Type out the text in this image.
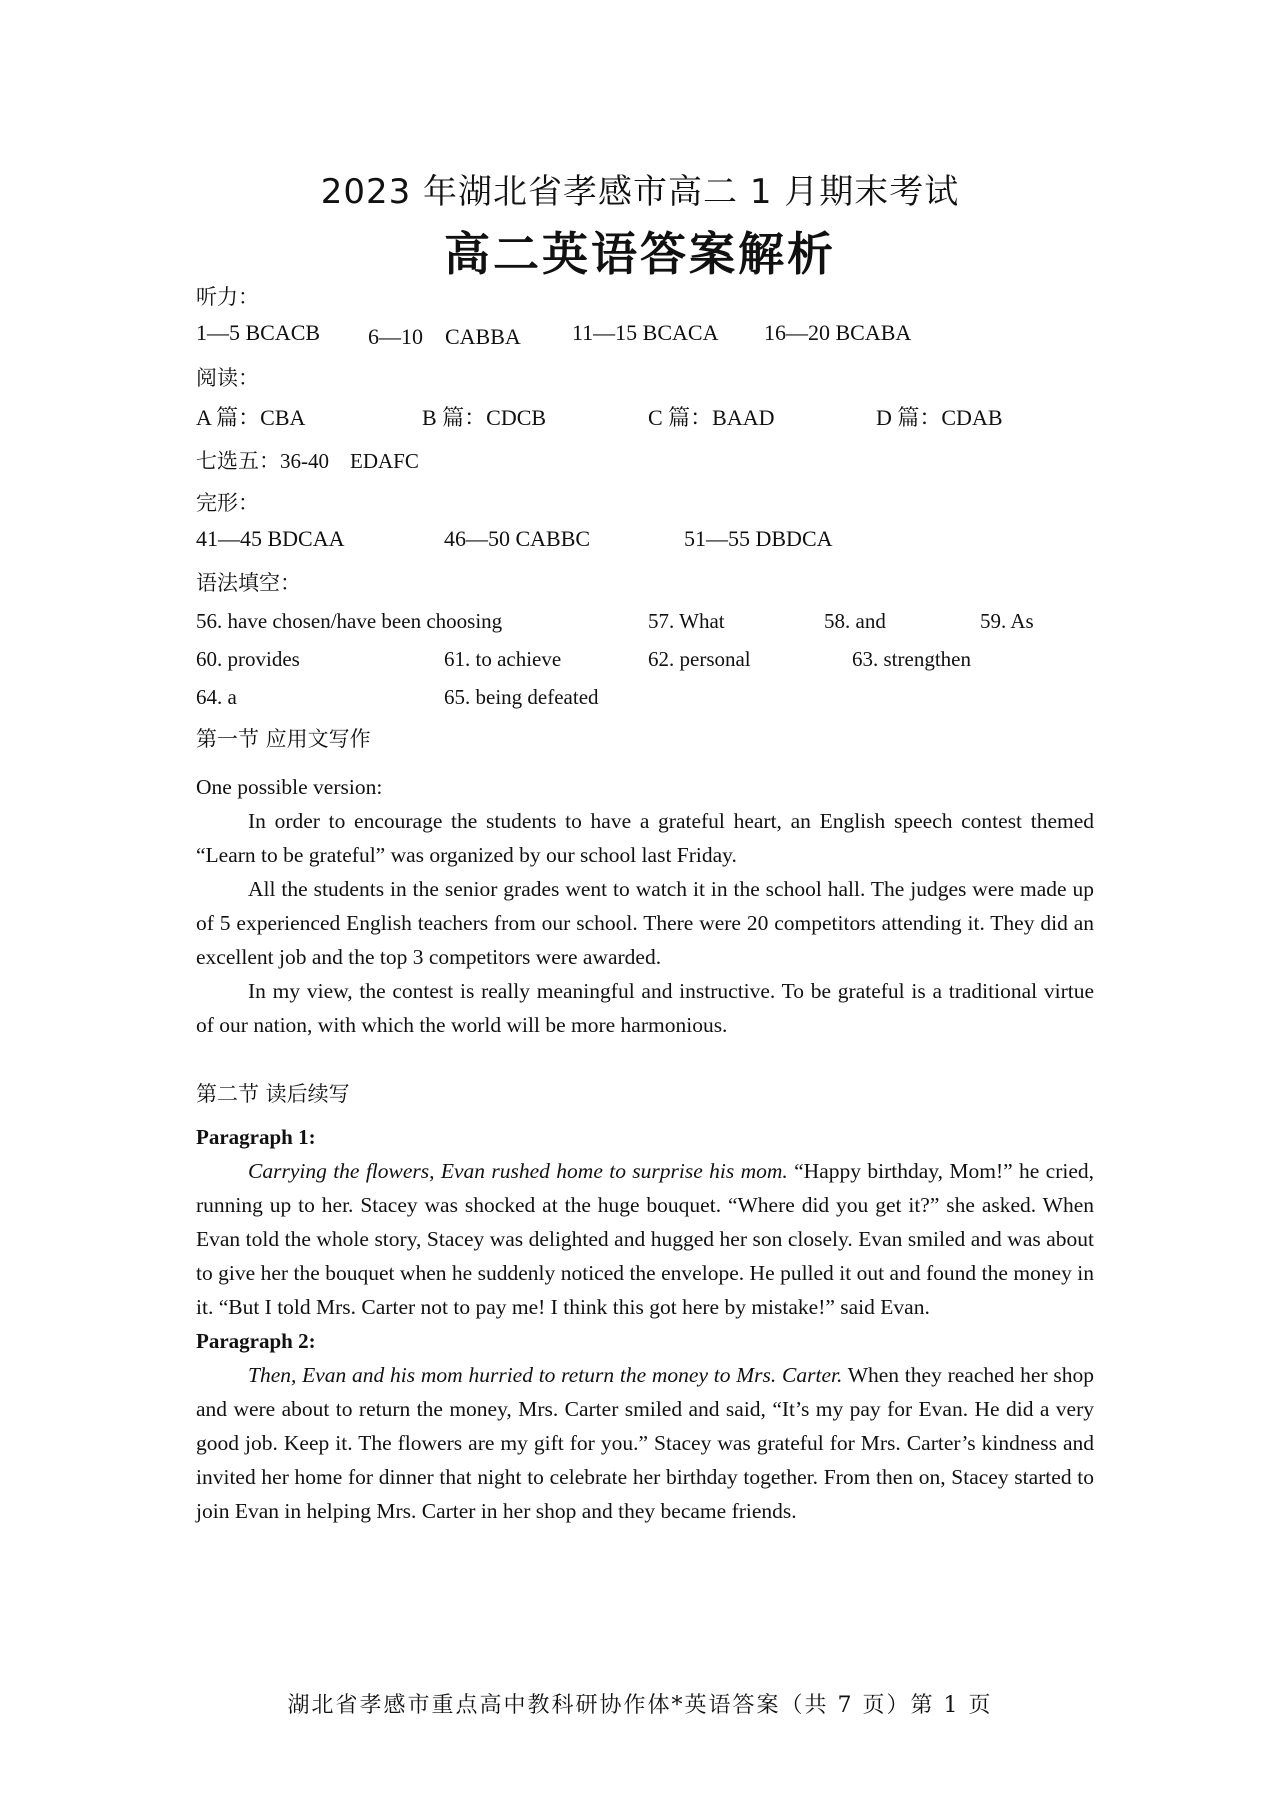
2023 年湖北省孝感市高二 1 月期末考试
高二英语答案解析
听力：
1—5 BCACB 6—10　CABBA 11—15 BCACA 16—20 BCABA
阅读：
A 篇：CBA	B 篇：CDCB	C 篇：BAAD	D 篇：CDAB
七选五：36-40　EDAFC
完形：
41—45 BDCAA	46—50 CABBC	51—55 DBDCA
语法填空：
56. have chosen/have been choosing	57. What	58. and	59. As
60. provides	61. to achieve	62. personal	63. strengthen
64. a	65. being defeated
第一节 应用文写作

One possible version:

In order to encourage the students to have a grateful heart, an English speech contest themed “Learn to be grateful” was organized by our school last Friday.

All the students in the senior grades went to watch it in the school hall. The judges were made up of 5 experienced English teachers from our school. There were 20 competitors attending it. They did an excellent job and the top 3 competitors were awarded.

In my view, the contest is really meaningful and instructive. To be grateful is a traditional virtue of our nation, with which the world will be more harmonious.

第二节 读后续写

Paragraph 1:

Carrying the flowers, Evan rushed home to surprise his mom. “Happy birthday, Mom!” he cried, running up to her. Stacey was shocked at the huge bouquet. “Where did you get it?” she asked. When Evan told the whole story, Stacey was delighted and hugged her son closely. Evan smiled and was about to give her the bouquet when he suddenly noticed the envelope. He pulled it out and found the money in it. “But I told Mrs. Carter not to pay me! I think this got here by mistake!” said Evan.

Paragraph 2:

Then, Evan and his mom hurried to return the money to Mrs. Carter. When they reached her shop and were about to return the money, Mrs. Carter smiled and said, “It’s my pay for Evan. He did a very good job. Keep it. The flowers are my gift for you.” Stacey was grateful for Mrs. Carter’s kindness and invited her home for dinner that night to celebrate her birthday together. From then on, Stacey started to join Evan in helping Mrs. Carter in her shop and they became friends.

湖北省孝感市重点高中教科研协作体*英语答案（共 7 页）第 1 页
